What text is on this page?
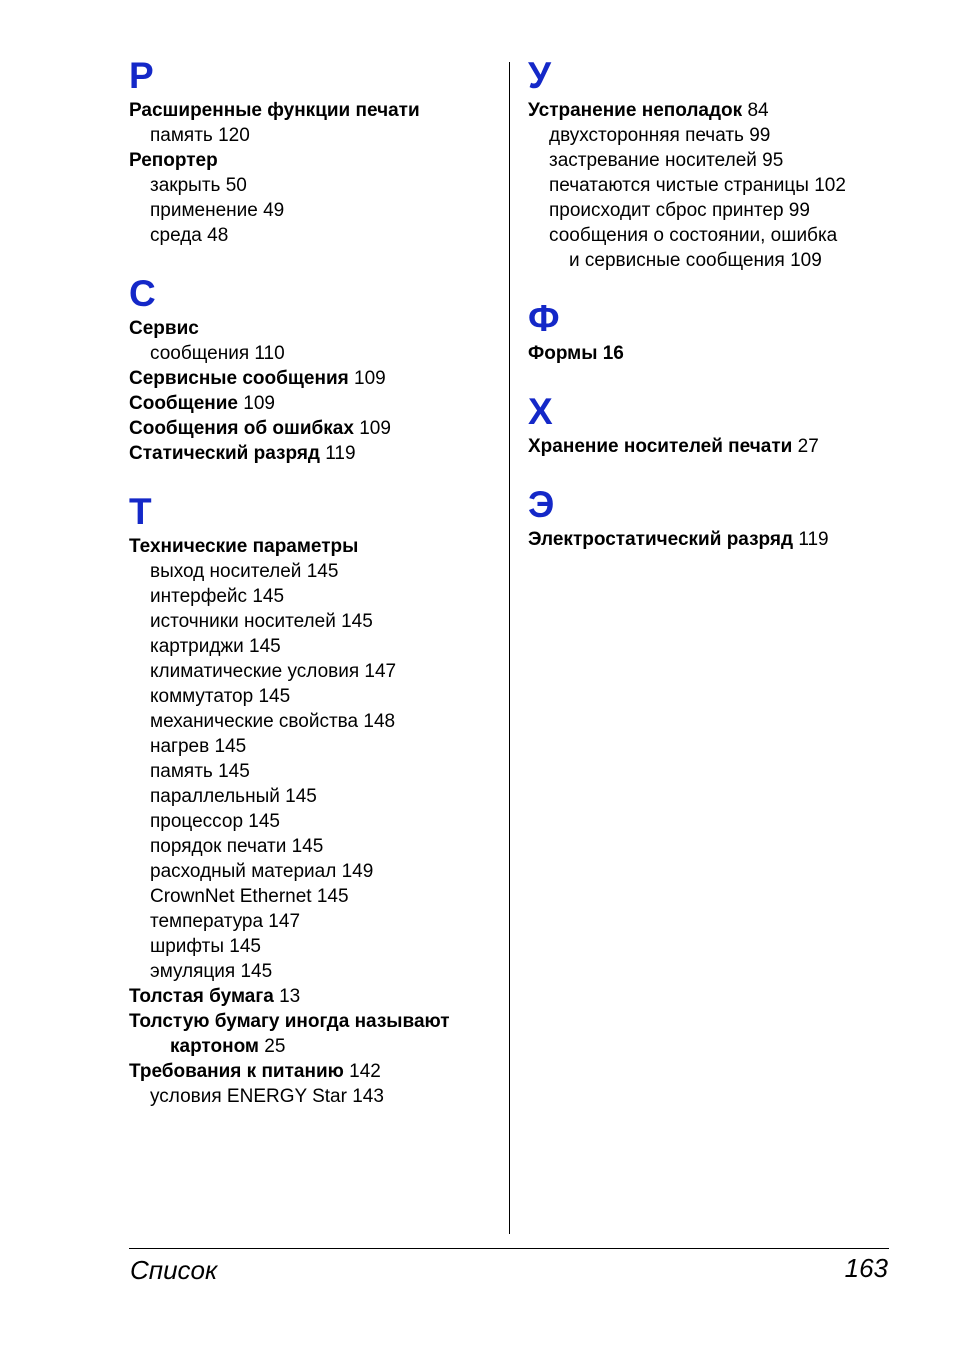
Р
Расширенные функции печати
память 120
Репортер
закрыть 50
применение 49
среда 48
С
Сервис
сообщения 110
Сервисные сообщения 109
Сообщение 109
Сообщения об ошибках 109
Статический разряд 119
Т
Технические параметры
выход носителей 145
интерфейс 145
источники носителей 145
картриджи 145
климатические условия 147
коммутатор 145
механические свойства 148
нагрев 145
память 145
параллельный 145
процессор 145
порядок печати 145
расходный материал 149
CrownNet Ethernet 145
температура 147
шрифты 145
эмуляция 145
Толстая бумага 13
Толстую бумагу иногда называют
картоном 25
Требования к питанию 142
условия ENERGY Star 143
У
Устранение неполадок 84
двухсторонняя печать 99
застревание носителей 95
печатаются чистые страницы 102
происходит сброс принтер 99
сообщения о состоянии, ошибка
и сервисные сообщения 109
Ф
Формы 16
Х
Хранение носителей печати 27
Э
Электростатический разряд 119
Список	163
